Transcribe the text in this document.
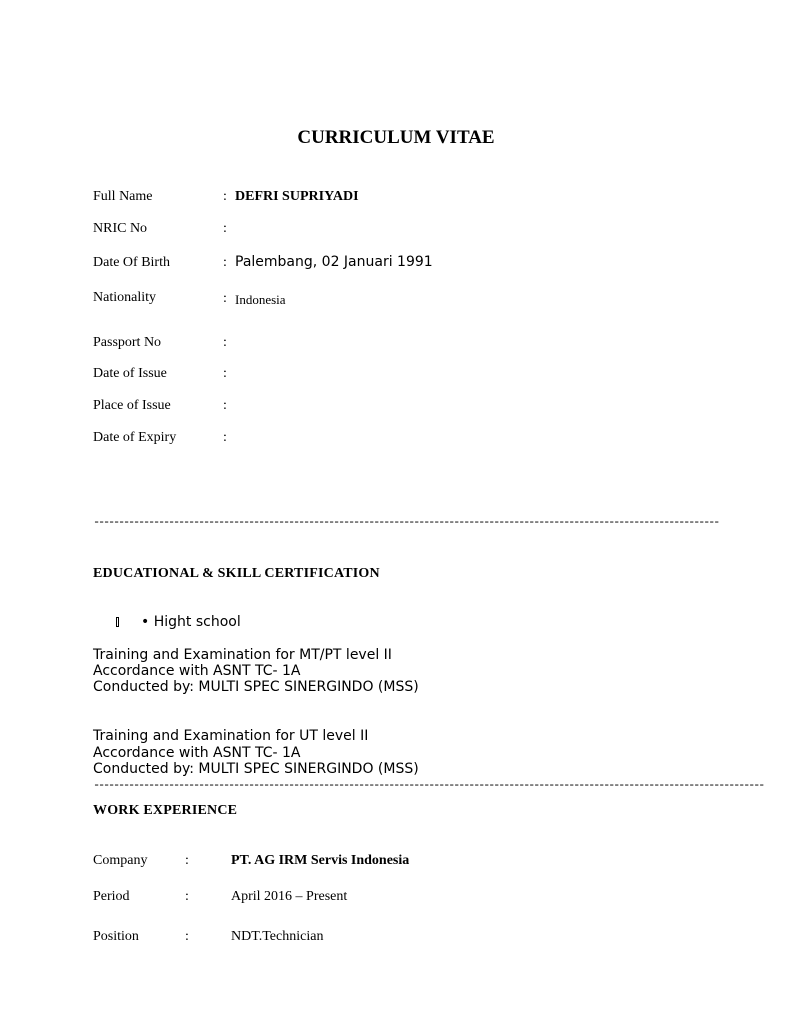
CURRICULUM VITAE
Full Name	: DEFRI SUPRIYADI
NRIC No	:
Date Of Birth	: Palembang, 02 Januari 1991
Nationality	: Indonesia
Passport No	:
Date of Issue	:
Place of Issue	:
Date of Expiry	:
-----------------------------------------------------------------------------------------------------------------------------
EDUCATIONAL & SKILL CERTIFICATION
• Hight school
Training and Examination for MT/PT level II
Accordance with ASNT TC- 1A
Conducted by: MULTI SPEC SINERGINDO (MSS)
Training and Examination for UT level II
Accordance with ASNT TC- 1A
Conducted by: MULTI SPEC SINERGINDO (MSS)
--------------------------------------------------------------------------------------------------------------------------------------
WORK EXPERIENCE
Company	:	PT. AG IRM Servis Indonesia
Period	:	April 2016 – Present
Position	:	NDT.Technician
